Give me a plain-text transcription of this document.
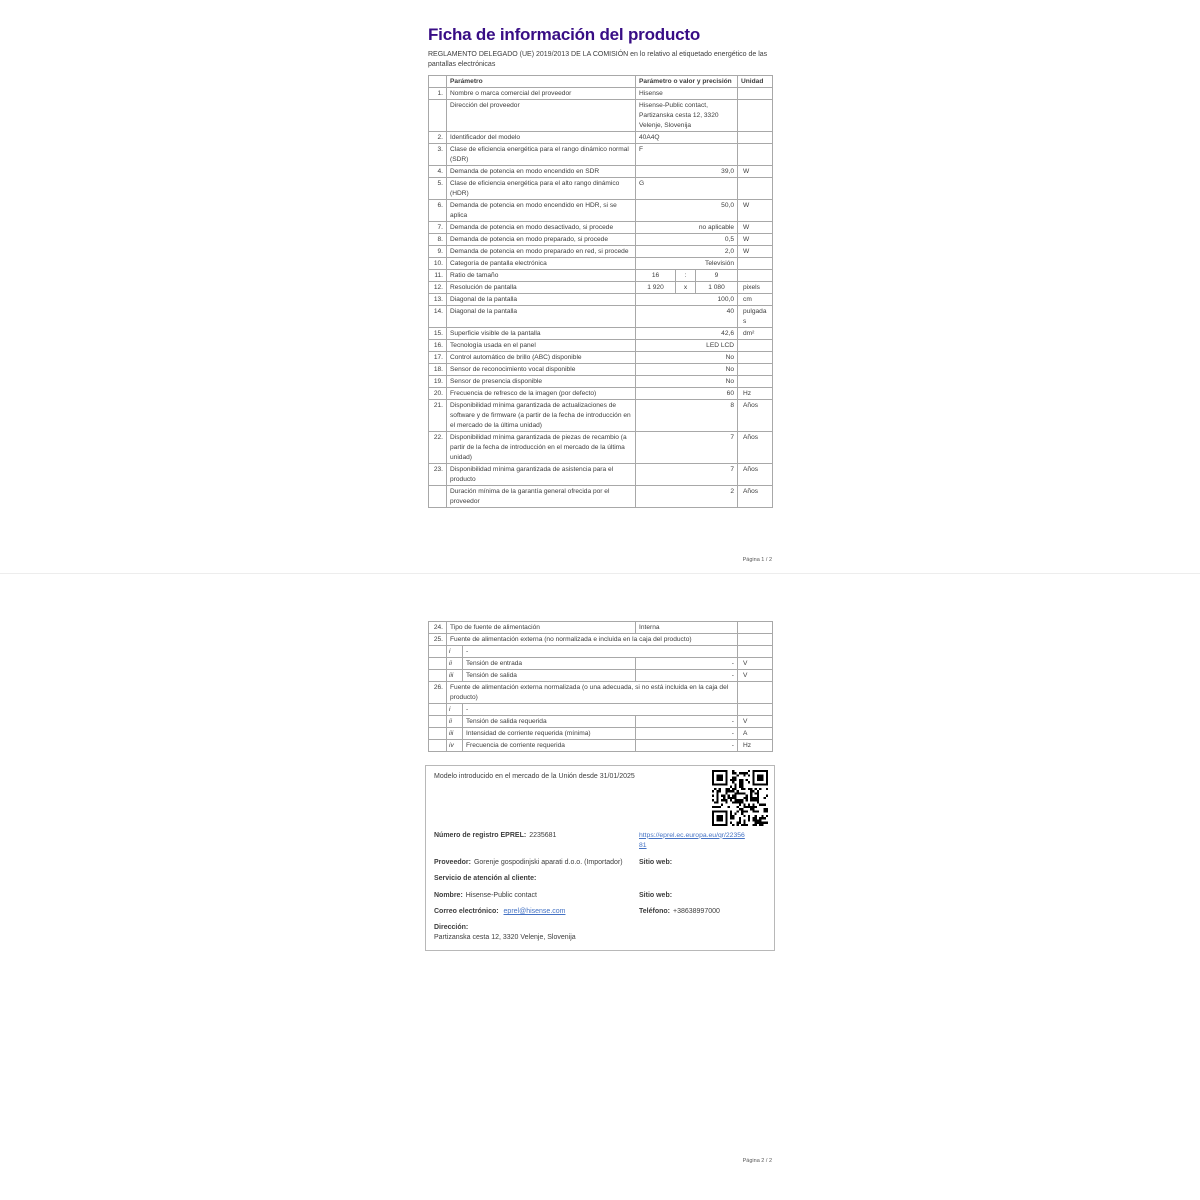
Ficha de información del producto

REGLAMENTO DELEGADO (UE) 2019/2013 DE LA COMISIÓN en lo relativo al etiquetado energético de las pantallas electrónicas

	Parámetro	Parámetro o valor y precisión			Unidad
1.	Nombre o marca comercial del proveedor	Hisense			
	Dirección del proveedor	Hisense-Public contact, Partizanska cesta 12, 3320 Velenje, Slovenija			
2.	Identificador del modelo	40A4Q			
3.	Clase de eficiencia energética para el rango dinámico normal (SDR)	F			
4.	Demanda de potencia en modo encendido en SDR	39,0			W
5.	Clase de eficiencia energética para el alto rango dinámico (HDR)	G			
6.	Demanda de potencia en modo encendido en HDR, si se aplica	50,0			W
7.	Demanda de potencia en modo desactivado, si procede	no aplicable			W
8.	Demanda de potencia en modo preparado, si procede	0,5			W
9.	Demanda de potencia en modo preparado en red, si procede	2,0			W
10.	Categoría de pantalla electrónica	Televisión			
11.	Ratio de tamaño	16	:	9	
12.	Resolución de pantalla	1 920	x	1 080	pixels
13.	Diagonal de la pantalla	100,0			cm
14.	Diagonal de la pantalla	40			pulgadas
15.	Superficie visible de la pantalla	42,6			dm²
16.	Tecnología usada en el panel	LED LCD			
17.	Control automático de brillo (ABC) disponible	No			
18.	Sensor de reconocimiento vocal disponible	No			
19.	Sensor de presencia disponible	No			
20.	Frecuencia de refresco de la imagen (por defecto)	60			Hz
21.	Disponibilidad mínima garantizada de actualizaciones de software y de firmware (a partir de la fecha de introducción en el mercado de la última unidad)	8			Años
22.	Disponibilidad mínima garantizada de piezas de recambio (a partir de la fecha de introducción en el mercado de la última unidad)	7			Años
23.	Disponibilidad mínima garantizada de asistencia para el producto	7			Años
	Duración mínima de la garantía general ofrecida por el proveedor	2			Años
Página 1 / 2
24.	Tipo de fuente de alimentación		Interna	
25.	Fuente de alimentación externa (no normalizada e incluida en la caja del producto)			
	i	-		
	ii	Tensión de entrada	-	V
	iii	Tensión de salida	-	V
26.	Fuente de alimentación externa normalizada (o una adecuada, si no está incluida en la caja del producto)			
	i	-		
	ii	Tensión de salida requerida	-	V
	iii	Intensidad de corriente requerida (mínima)	-	A
	iv	Frecuencia de corriente requerida	-	Hz
Modelo introducido en el mercado de la Unión desde 31/01/2025
Número de registro EPREL: 2235681	https://eprel.ec.europa.eu/qr/2235681
Proveedor: Gorenje gospodinjski aparati d.o.o. (Importador)	Sitio web:
Servicio de atención al cliente:
Nombre: Hisense-Public contact	Sitio web:
Correo electrónico: eprel@hisense.com	Teléfono: +38638997000
Dirección:
Partizanska cesta 12, 3320 Velenje, Slovenija
Página 2 / 2
